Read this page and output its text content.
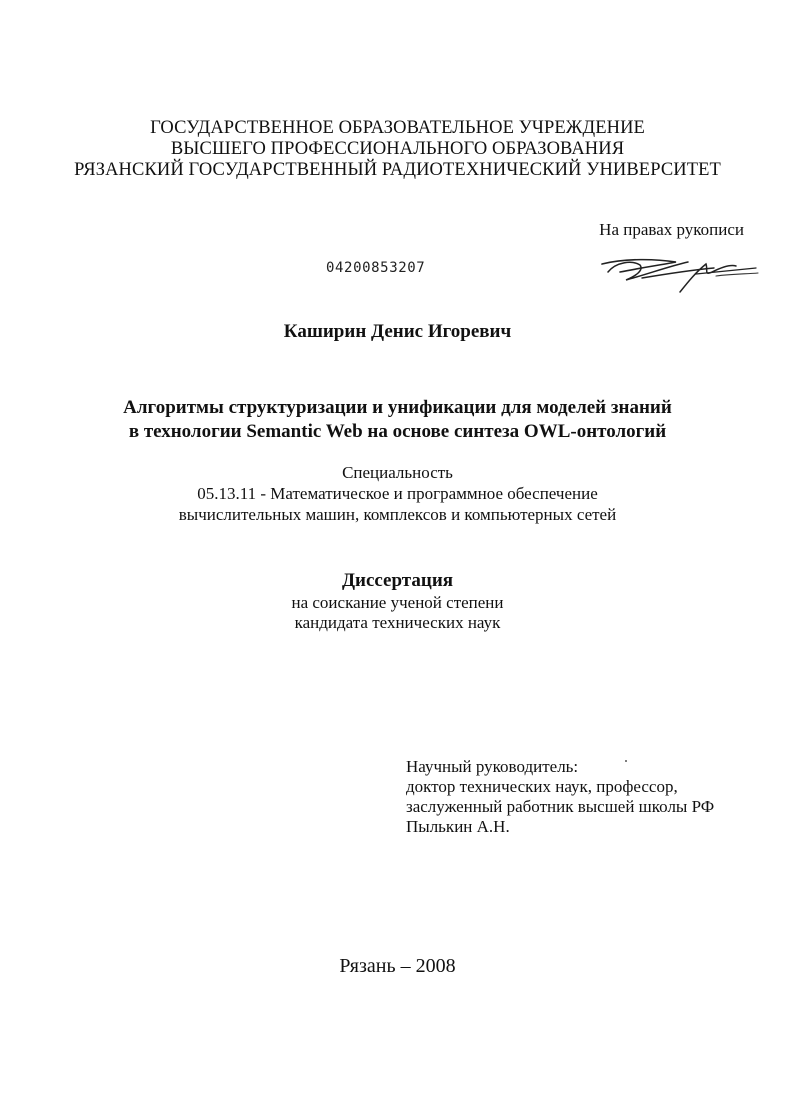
ГОСУДАРСТВЕННОЕ ОБРАЗОВАТЕЛЬНОЕ УЧРЕЖДЕНИЕ
ВЫСШЕГО ПРОФЕССИОНАЛЬНОГО ОБРАЗОВАНИЯ
РЯЗАНСКИЙ ГОСУДАРСТВЕННЫЙ РАДИОТЕХНИЧЕСКИЙ УНИВЕРСИТЕТ
На правах рукописи
04200853207
Каширин Денис Игоревич
Алгоритмы структуризации и унификации для моделей знаний
в технологии Semantic Web на основе синтеза OWL-онтологий
Специальность
05.13.11 - Математическое и программное обеспечение
вычислительных машин, комплексов и компьютерных сетей
Диссертация
на соискание ученой степени
кандидата технических наук
Научный руководитель:
доктор технических наук, профессор,
заслуженный работник высшей школы РФ
Пылькин А.Н.
Рязань – 2008
